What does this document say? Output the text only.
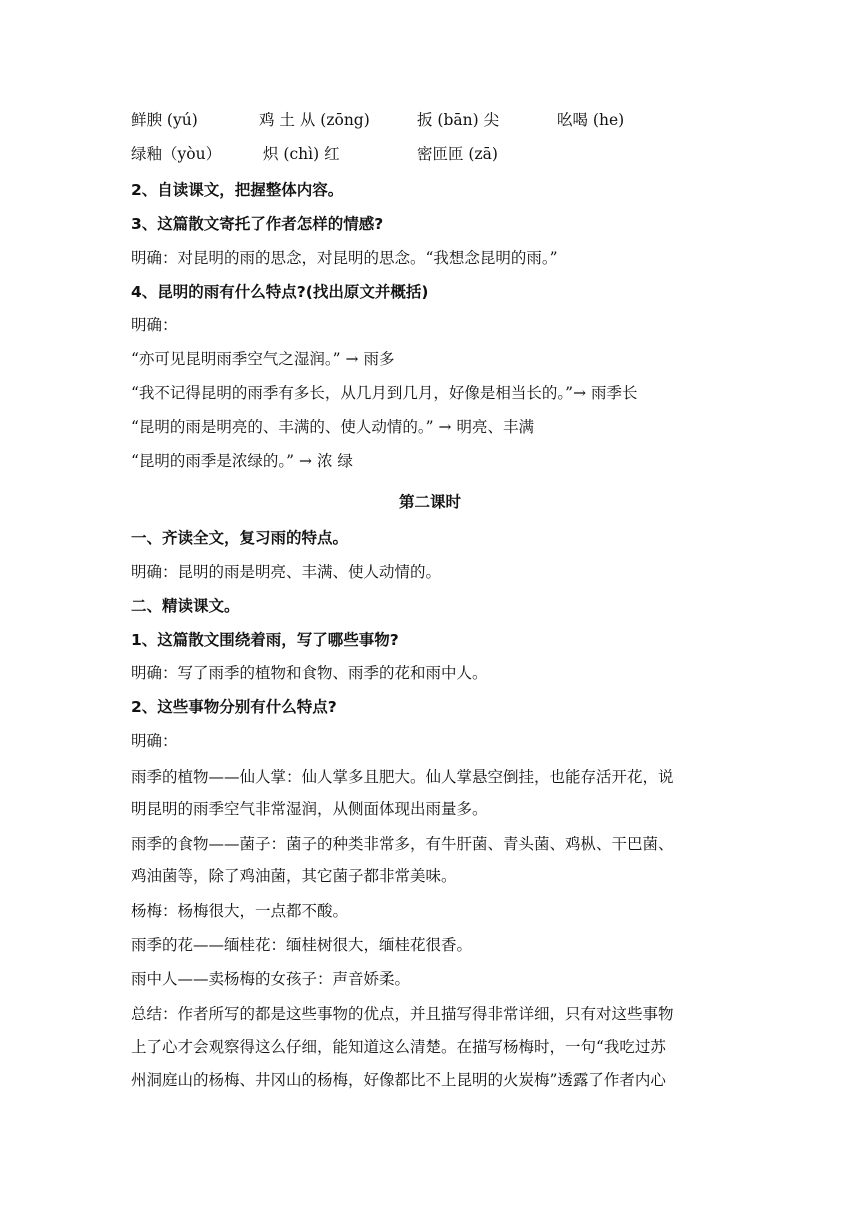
鲜腴 (yú)	鸡 土 从 (zōng)	扳 (bān) 尖	吆喝 (he)
绿釉（yòu）	炽 (chì) 红	密匝匝 (zā)
2、自读课文，把握整体内容。
3、这篇散文寄托了作者怎样的情感?
明确：对昆明的雨的思念，对昆明的思念。“我想念昆明的雨。”
4、昆明的雨有什么特点?(找出原文并概括)
明确：
“亦可见昆明雨季空气之湿润。” → 雨多
“我不记得昆明的雨季有多长，从几月到几月，好像是相当长的。”→ 雨季长
“昆明的雨是明亮的、丰满的、使人动情的。” → 明亮、丰满
“昆明的雨季是浓绿的。” → 浓 绿
第二课时
一、齐读全文，复习雨的特点。
明确：昆明的雨是明亮、丰满、使人动情的。
二、精读课文。
1、这篇散文围绕着雨，写了哪些事物?
明确：写了雨季的植物和食物、雨季的花和雨中人。
2、这些事物分别有什么特点?
明确：
雨季的植物——仙人掌：仙人掌多且肥大。仙人掌悬空倒挂，也能存活开花，说
明昆明的雨季空气非常湿润，从侧面体现出雨量多。
雨季的食物——菌子：菌子的种类非常多，有牛肝菌、青头菌、鸡枞、干巴菌、
鸡油菌等，除了鸡油菌，其它菌子都非常美味。
杨梅：杨梅很大，一点都不酸。
雨季的花——缅桂花：缅桂树很大，缅桂花很香。
雨中人——卖杨梅的女孩子：声音娇柔。
总结：作者所写的都是这些事物的优点，并且描写得非常详细，只有对这些事物
上了心才会观察得这么仔细，能知道这么清楚。在描写杨梅时，一句“我吃过苏
州洞庭山的杨梅、井冈山的杨梅，好像都比不上昆明的火炭梅”透露了作者内心
